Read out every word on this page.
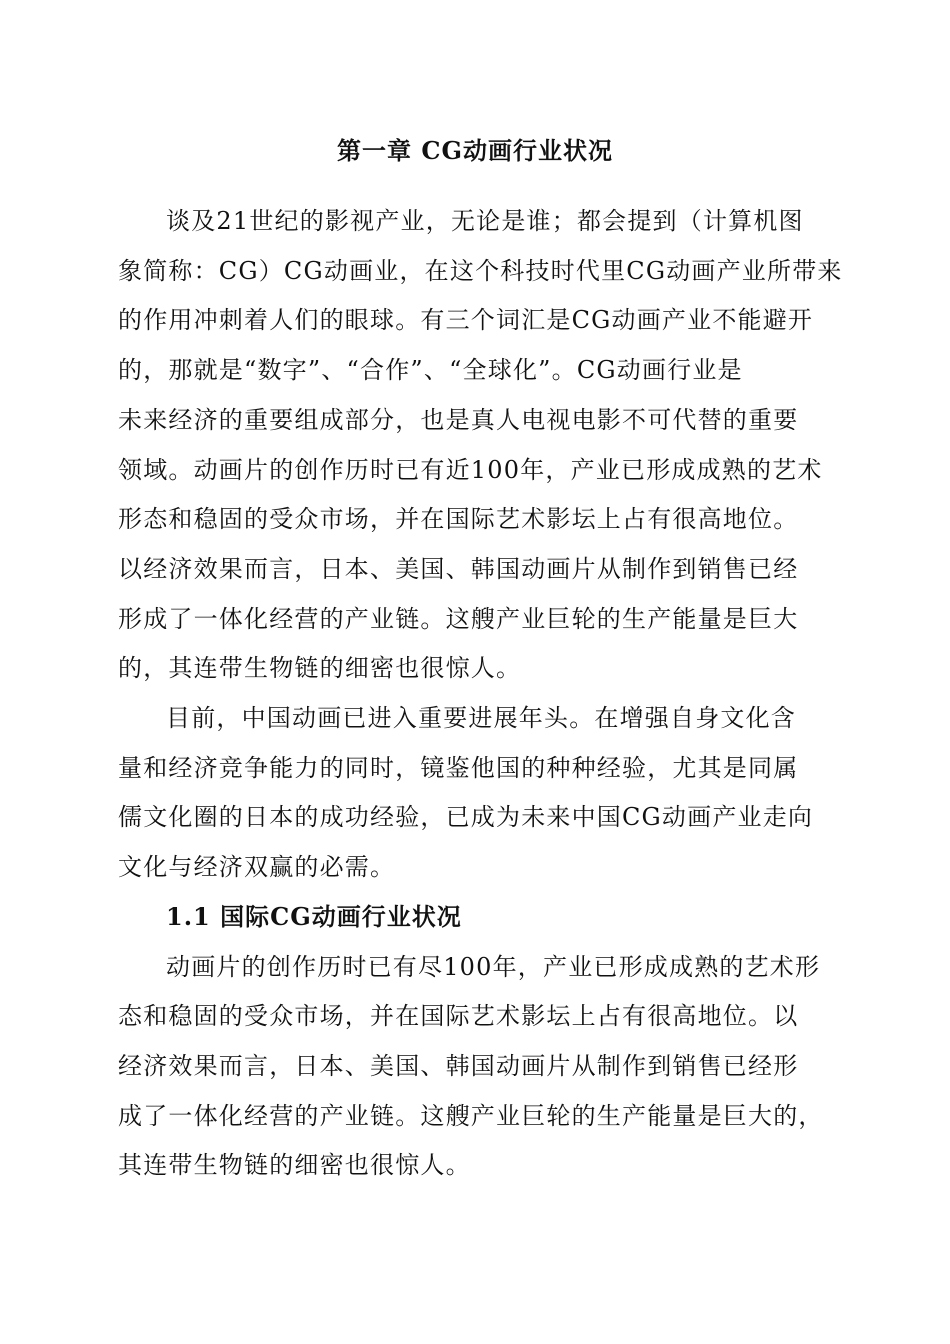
第一章 CG动画行业状况
谈及21世纪的影视产业，无论是谁；都会提到（计算机图
象简称：CG）CG动画业，在这个科技时代里CG动画产业所带来
的作用冲刺着人们的眼球。有三个词汇是CG动画产业不能避开
的，那就是“数字”、“合作”、“全球化”。CG动画行业是
未来经济的重要组成部分，也是真人电视电影不可代替的重要
领域。动画片的创作历时已有近100年，产业已形成成熟的艺术
形态和稳固的受众市场，并在国际艺术影坛上占有很高地位。
以经济效果而言，日本、美国、韩国动画片从制作到销售已经
形成了一体化经营的产业链。这艘产业巨轮的生产能量是巨大
的，其连带生物链的细密也很惊人。
目前，中国动画已进入重要进展年头。在增强自身文化含
量和经济竞争能力的同时，镜鉴他国的种种经验，尤其是同属
儒文化圈的日本的成功经验，已成为未来中国CG动画产业走向
文化与经济双赢的必需。
1.1 国际CG动画行业状况
动画片的创作历时已有尽100年，产业已形成成熟的艺术形
态和稳固的受众市场，并在国际艺术影坛上占有很高地位。以
经济效果而言，日本、美国、韩国动画片从制作到销售已经形
成了一体化经营的产业链。这艘产业巨轮的生产能量是巨大的，
其连带生物链的细密也很惊人。
